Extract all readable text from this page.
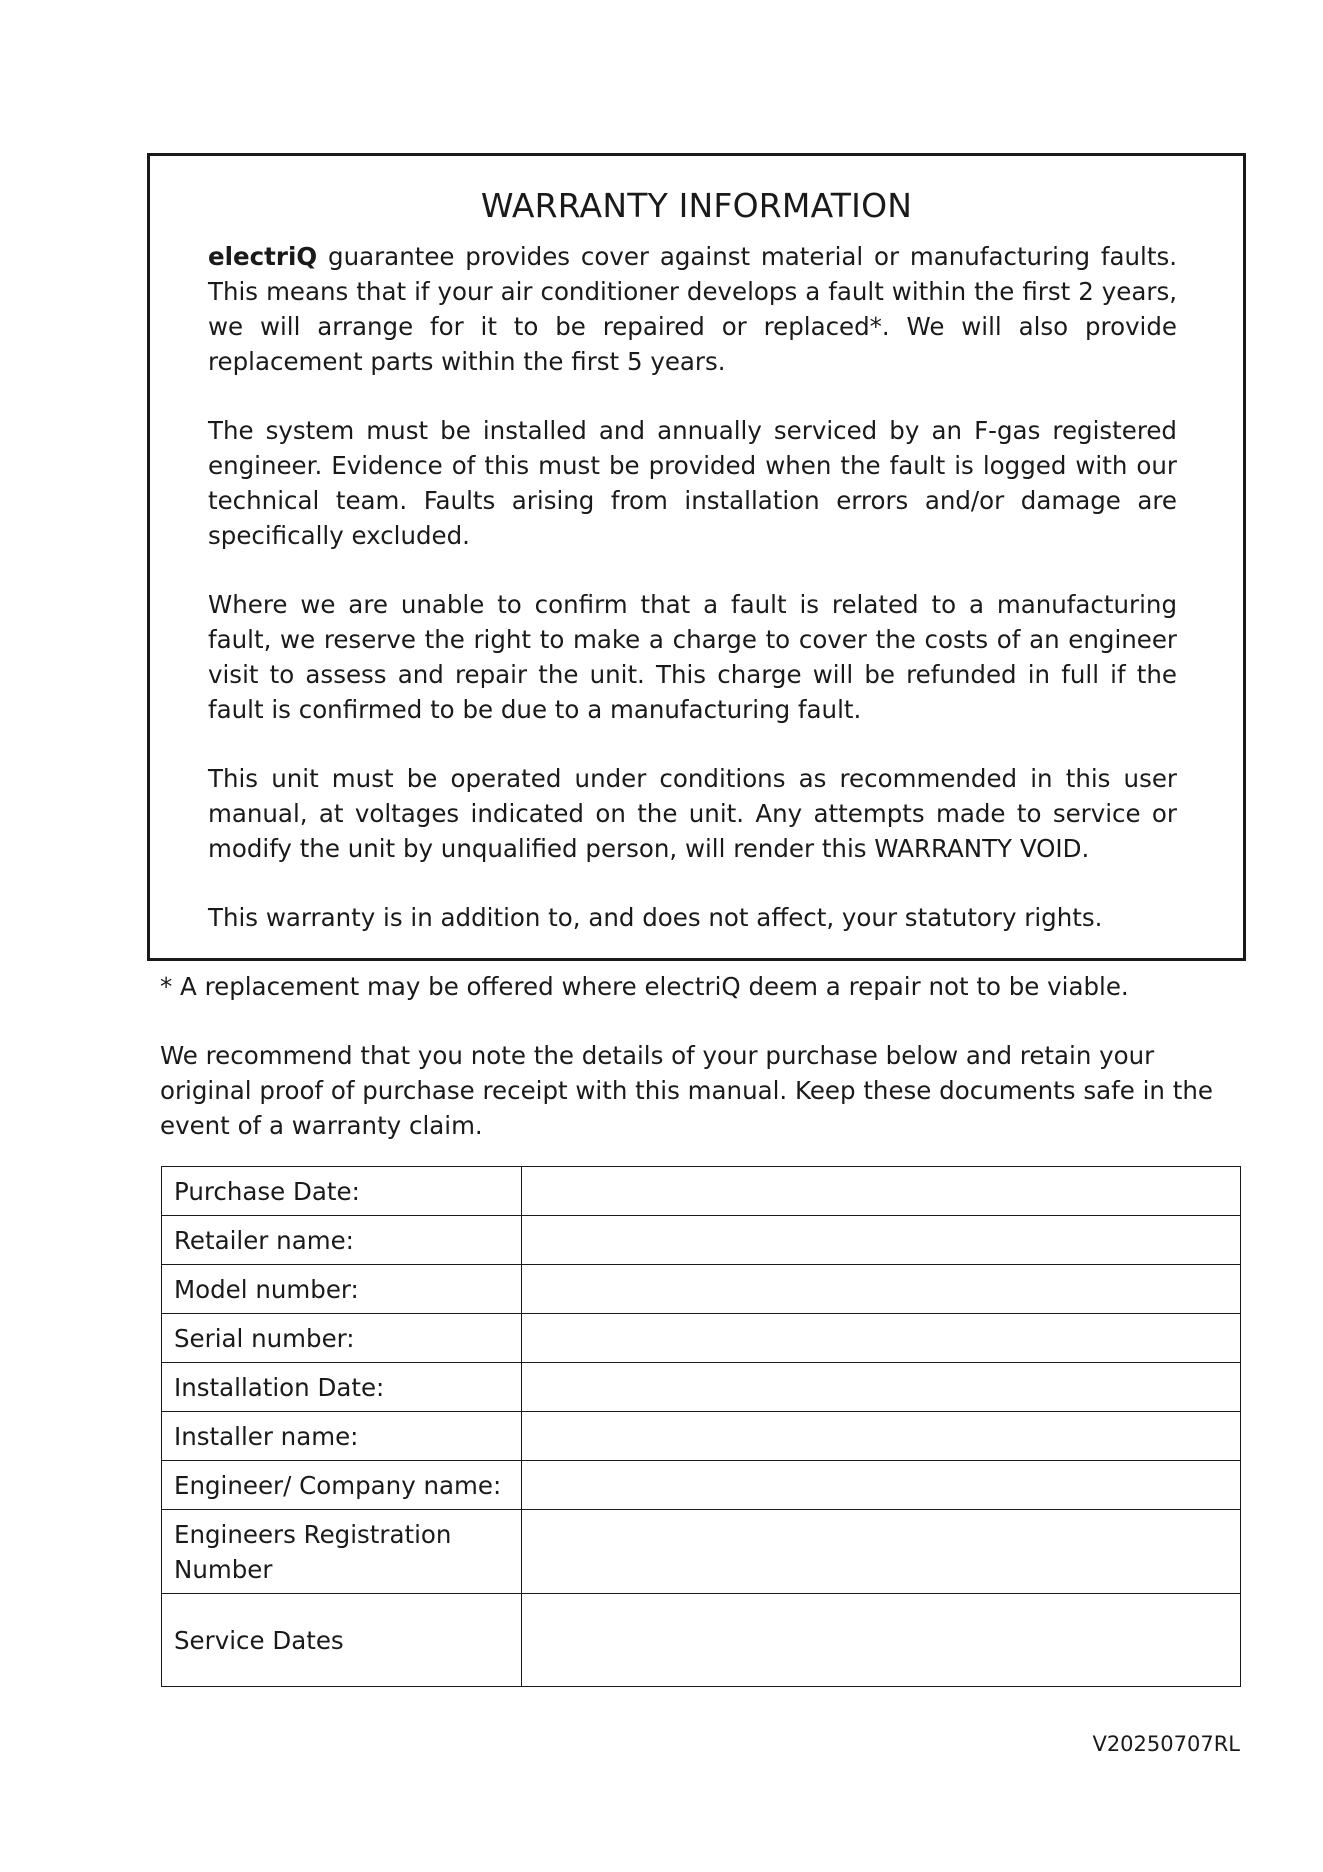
WARRANTY INFORMATION

electriQ guarantee provides cover against material or manufacturing faults. This means that if your air conditioner develops a fault within the first 2 years, we will arrange for it to be repaired or replaced*. We will also provide replacement parts within the first 5 years.

The system must be installed and annually serviced by an F-gas registered engineer. Evidence of this must be provided when the fault is logged with our technical team. Faults arising from installation errors and/or damage are specifically excluded.

Where we are unable to confirm that a fault is related to a manufacturing fault, we reserve the right to make a charge to cover the costs of an engineer visit to assess and repair the unit. This charge will be refunded in full if the fault is confirmed to be due to a manufacturing fault.

This unit must be operated under conditions as recommended in this user manual, at voltages indicated on the unit. Any attempts made to service or modify the unit by unqualified person, will render this WARRANTY VOID.

This warranty is in addition to, and does not affect, your statutory rights.

* A replacement may be offered where electriQ deem a repair not to be viable.

We recommend that you note the details of your purchase below and retain your original proof of purchase receipt with this manual. Keep these documents safe in the event of a warranty claim.

Purchase Date:	
Retailer name:	
Model number:	
Serial number:	
Installation Date:	
Installer name:	
Engineer/ Company name:	
Engineers Registration Number	
Service Dates	

V20250707RL
